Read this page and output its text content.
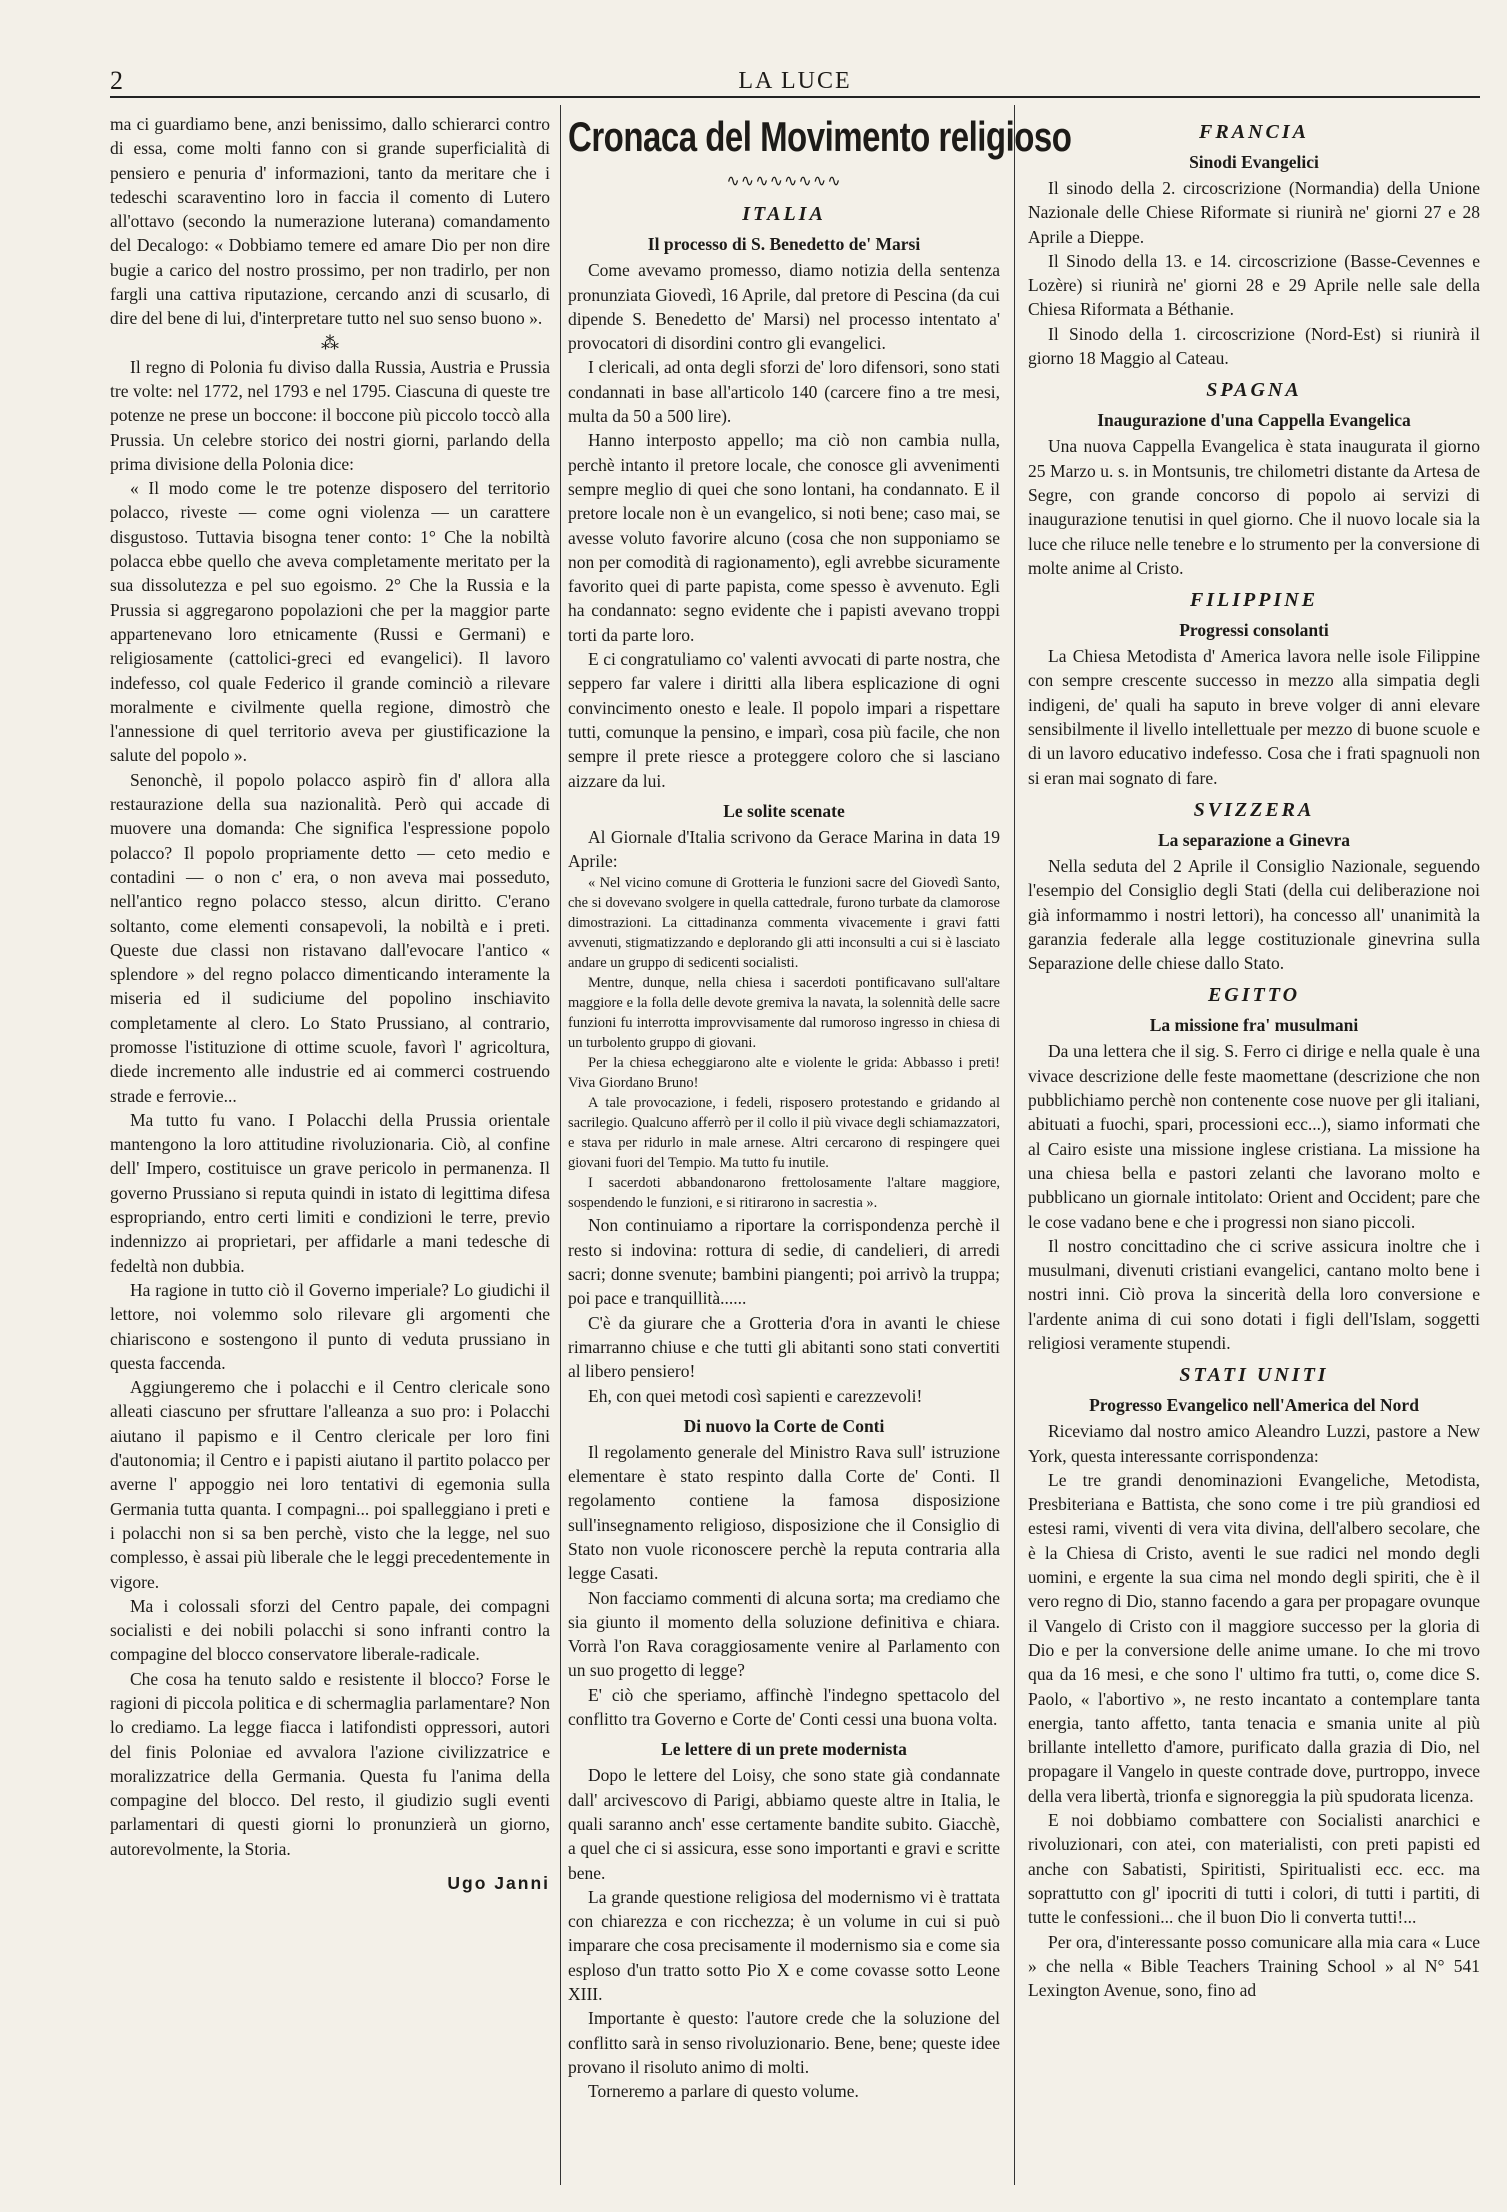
2	LA LUCE

ma ci guardiamo bene, anzi benissimo, dallo schierarci contro di essa, come molti fanno con si grande superficialità di pensiero e penuria d' informazioni, tanto da meritare che i tedeschi scaraventino loro in faccia il comento di Lutero all'ottavo (secondo la numerazione luterana) comandamento del Decalogo: « Dobbiamo temere ed amare Dio per non dire bugie a carico del nostro prossimo, per non tradirlo, per non fargli una cattiva riputazione, cercando anzi di scusarlo, di dire del bene di lui, d'interpretare tutto nel suo senso buono ».

⁂

Il regno di Polonia fu diviso dalla Russia, Austria e Prussia tre volte: nel 1772, nel 1793 e nel 1795. Ciascuna di queste tre potenze ne prese un boccone: il boccone più piccolo toccò alla Prussia. Un celebre storico dei nostri giorni, parlando della prima divisione della Polonia dice:

« Il modo come le tre potenze disposero del territorio polacco, riveste — come ogni violenza — un carattere disgustoso. Tuttavia bisogna tener conto: 1° Che la nobiltà polacca ebbe quello che aveva completamente meritato per la sua dissolutezza e pel suo egoismo. 2° Che la Russia e la Prussia si aggregarono popolazioni che per la maggior parte appartenevano loro etnicamente (Russi e Germani) e religiosamente (cattolici-greci ed evangelici). Il lavoro indefesso, col quale Federico il grande cominciò a rilevare moralmente e civilmente quella regione, dimostrò che l'annessione di quel territorio aveva per giustificazione la salute del popolo ».

Senonchè, il popolo polacco aspirò fin d' allora alla restaurazione della sua nazionalità. Però qui accade di muovere una domanda: Che significa l'espressione popolo polacco? Il popolo propriamente detto — ceto medio e contadini — o non c' era, o non aveva mai posseduto, nell'antico regno polacco stesso, alcun diritto. C'erano soltanto, come elementi consapevoli, la nobiltà e i preti. Queste due classi non ristavano dall'evocare l'antico « splendore » del regno polacco dimenticando interamente la miseria ed il sudiciume del popolino inschiavito completamente al clero. Lo Stato Prussiano, al contrario, promosse l'istituzione di ottime scuole, favorì l' agricoltura, diede incremento alle industrie ed ai commerci costruendo strade e ferrovie...

Ma tutto fu vano. I Polacchi della Prussia orientale mantengono la loro attitudine rivoluzionaria. Ciò, al confine dell' Impero, costituisce un grave pericolo in permanenza. Il governo Prussiano si reputa quindi in istato di legittima difesa espropriando, entro certi limiti e condizioni le terre, previo indennizzo ai proprietari, per affidarle a mani tedesche di fedeltà non dubbia.

Ha ragione in tutto ciò il Governo imperiale? Lo giudichi il lettore, noi volemmo solo rilevare gli argomenti che chiariscono e sostengono il punto di veduta prussiano in questa faccenda.

Aggiungeremo che i polacchi e il Centro clericale sono alleati ciascuno per sfruttare l'alleanza a suo pro: i Polacchi aiutano il papismo e il Centro clericale per loro fini d'autonomia; il Centro e i papisti aiutano il partito polacco per averne l' appoggio nei loro tentativi di egemonia sulla Germania tutta quanta. I compagni... poi spalleggiano i preti e i polacchi non si sa ben perchè, visto che la legge, nel suo complesso, è assai più liberale che le leggi precedentemente in vigore.

Ma i colossali sforzi del Centro papale, dei compagni socialisti e dei nobili polacchi si sono infranti contro la compagine del blocco conservatore liberale-radicale.

Che cosa ha tenuto saldo e resistente il blocco? Forse le ragioni di piccola politica e di schermaglia parlamentare? Non lo crediamo. La legge fiacca i latifondisti oppressori, autori del finis Poloniae ed avvalora l'azione civilizzatrice e moralizzatrice della Germania. Questa fu l'anima della compagine del blocco. Del resto, il giudizio sugli eventi parlamentari di questi giorni lo pronunzierà un giorno, autorevolmente, la Storia.

Ugo Janni
Cronaca del Movimento religioso
∿∿∿∿∿∿∿∿
ITALIA
Il processo di S. Benedetto de' Marsi

Come avevamo promesso, diamo notizia della sentenza pronunziata Giovedì, 16 Aprile, dal pretore di Pescina (da cui dipende S. Benedetto de' Marsi) nel processo intentato a' provocatori di disordini contro gli evangelici.

I clericali, ad onta degli sforzi de' loro difensori, sono stati condannati in base all'articolo 140 (carcere fino a tre mesi, multa da 50 a 500 lire).

Hanno interposto appello; ma ciò non cambia nulla, perchè intanto il pretore locale, che conosce gli avvenimenti sempre meglio di quei che sono lontani, ha condannato. E il pretore locale non è un evangelico, si noti bene; caso mai, se avesse voluto favorire alcuno (cosa che non supponiamo se non per comodità di ragionamento), egli avrebbe sicuramente favorito quei di parte papista, come spesso è avvenuto. Egli ha condannato: segno evidente che i papisti avevano troppi torti da parte loro.

E ci congratuliamo co' valenti avvocati di parte nostra, che seppero far valere i diritti alla libera esplicazione di ogni convincimento onesto e leale. Il popolo impari a rispettare tutti, comunque la pensino, e imparì, cosa più facile, che non sempre il prete riesce a proteggere coloro che si lasciano aizzare da lui.

Le solite scenate

Al Giornale d'Italia scrivono da Gerace Marina in data 19 Aprile:

« Nel vicino comune di Grotteria le funzioni sacre del Giovedì Santo, che si dovevano svolgere in quella cattedrale, furono turbate da clamorose dimostrazioni. La cittadinanza commenta vivacemente i gravi fatti avvenuti, stigmatizzando e deplorando gli atti inconsulti a cui si è lasciato andare un gruppo di sedicenti socialisti.

Mentre, dunque, nella chiesa i sacerdoti pontificavano sull'altare maggiore e la folla delle devote gremiva la navata, la solennità delle sacre funzioni fu interrotta improvvisamente dal rumoroso ingresso in chiesa di un turbolento gruppo di giovani.

Per la chiesa echeggiarono alte e violente le grida: Abbasso i preti! Viva Giordano Bruno!

A tale provocazione, i fedeli, risposero protestando e gridando al sacrilegio. Qualcuno afferrò per il collo il più vivace degli schiamazzatori, e stava per ridurlo in male arnese. Altri cercarono di respingere quei giovani fuori del Tempio. Ma tutto fu inutile.

I sacerdoti abbandonarono frettolosamente l'altare maggiore, sospendendo le funzioni, e si ritirarono in sacrestia ».

Non continuiamo a riportare la corrispondenza perchè il resto si indovina: rottura di sedie, di candelieri, di arredi sacri; donne svenute; bambini piangenti; poi arrivò la truppa; poi pace e tranquillità......

C'è da giurare che a Grotteria d'ora in avanti le chiese rimarranno chiuse e che tutti gli abitanti sono stati convertiti al libero pensiero!

Eh, con quei metodi così sapienti e carezzevoli!

Di nuovo la Corte de Conti

Il regolamento generale del Ministro Rava sull' istruzione elementare è stato respinto dalla Corte de' Conti. Il regolamento contiene la famosa disposizione sull'insegnamento religioso, disposizione che il Consiglio di Stato non vuole riconoscere perchè la reputa contraria alla legge Casati.

Non facciamo commenti di alcuna sorta; ma crediamo che sia giunto il momento della soluzione definitiva e chiara. Vorrà l'on Rava coraggiosamente venire al Parlamento con un suo progetto di legge?

E' ciò che speriamo, affinchè l'indegno spettacolo del conflitto tra Governo e Corte de' Conti cessi una buona volta.

Le lettere di un prete modernista

Dopo le lettere del Loisy, che sono state già condannate dall' arcivescovo di Parigi, abbiamo queste altre in Italia, le quali saranno anch' esse certamente bandite subito. Giacchè, a quel che ci si assicura, esse sono importanti e gravi e scritte bene.

La grande questione religiosa del modernismo vi è trattata con chiarezza e con ricchezza; è un volume in cui si può imparare che cosa precisamente il modernismo sia e come sia esploso d'un tratto sotto Pio X e come covasse sotto Leone XIII.

Importante è questo: l'autore crede che la soluzione del conflitto sarà in senso rivoluzionario. Bene, bene; queste idee provano il risoluto animo di molti.

Torneremo a parlare di questo volume.

FRANCIA
Sinodi Evangelici

Il sinodo della 2. circoscrizione (Normandia) della Unione Nazionale delle Chiese Riformate si riunirà ne' giorni 27 e 28 Aprile a Dieppe.

Il Sinodo della 13. e 14. circoscrizione (Basse-Cevennes e Lozère) si riunirà ne' giorni 28 e 29 Aprile nelle sale della Chiesa Riformata a Béthanie.

Il Sinodo della 1. circoscrizione (Nord-Est) si riunirà il giorno 18 Maggio al Cateau.

SPAGNA
Inaugurazione d'una Cappella Evangelica

Una nuova Cappella Evangelica è stata inaugurata il giorno 25 Marzo u. s. in Montsunis, tre chilometri distante da Artesa de Segre, con grande concorso di popolo ai servizi di inaugurazione tenutisi in quel giorno. Che il nuovo locale sia la luce che riluce nelle tenebre e lo strumento per la conversione di molte anime al Cristo.

FILIPPINE
Progressi consolanti

La Chiesa Metodista d' America lavora nelle isole Filippine con sempre crescente successo in mezzo alla simpatia degli indigeni, de' quali ha saputo in breve volger di anni elevare sensibilmente il livello intellettuale per mezzo di buone scuole e di un lavoro educativo indefesso. Cosa che i frati spagnuoli non si eran mai sognato di fare.

SVIZZERA
La separazione a Ginevra

Nella seduta del 2 Aprile il Consiglio Nazionale, seguendo l'esempio del Consiglio degli Stati (della cui deliberazione noi già informammo i nostri lettori), ha concesso all' unanimità la garanzia federale alla legge costituzionale ginevrina sulla Separazione delle chiese dallo Stato.

EGITTO
La missione fra' musulmani

Da una lettera che il sig. S. Ferro ci dirige e nella quale è una vivace descrizione delle feste maomettane (descrizione che non pubblichiamo perchè non contenente cose nuove per gli italiani, abituati a fuochi, spari, processioni ecc...), siamo informati che al Cairo esiste una missione inglese cristiana. La missione ha una chiesa bella e pastori zelanti che lavorano molto e pubblicano un giornale intitolato: Orient and Occident; pare che le cose vadano bene e che i progressi non siano piccoli.

Il nostro concittadino che ci scrive assicura inoltre che i musulmani, divenuti cristiani evangelici, cantano molto bene i nostri inni. Ciò prova la sincerità della loro conversione e l'ardente anima di cui sono dotati i figli dell'Islam, soggetti religiosi veramente stupendi.

STATI UNITI
Progresso Evangelico nell'America del Nord

Riceviamo dal nostro amico Aleandro Luzzi, pastore a New York, questa interessante corrispondenza:

Le tre grandi denominazioni Evangeliche, Metodista, Presbiteriana e Battista, che sono come i tre più grandiosi ed estesi rami, viventi di vera vita divina, dell'albero secolare, che è la Chiesa di Cristo, aventi le sue radici nel mondo degli uomini, e ergente la sua cima nel mondo degli spiriti, che è il vero regno di Dio, stanno facendo a gara per propagare ovunque il Vangelo di Cristo con il maggiore successo per la gloria di Dio e per la conversione delle anime umane. Io che mi trovo qua da 16 mesi, e che sono l' ultimo fra tutti, o, come dice S. Paolo, « l'abortivo », ne resto incantato a contemplare tanta energia, tanto affetto, tanta tenacia e smania unite al più brillante intelletto d'amore, purificato dalla grazia di Dio, nel propagare il Vangelo in queste contrade dove, purtroppo, invece della vera libertà, trionfa e signoreggia la più spudorata licenza.

E noi dobbiamo combattere con Socialisti anarchici e rivoluzionari, con atei, con materialisti, con preti papisti ed anche con Sabatisti, Spiritisti, Spiritualisti ecc. ecc. ma soprattutto con gl' ipocriti di tutti i colori, di tutti i partiti, di tutte le confessioni... che il buon Dio li converta tutti!...

Per ora, d'interessante posso comunicare alla mia cara « Luce » che nella « Bible Teachers Training School » al N° 541 Lexington Avenue, sono, fino ad
